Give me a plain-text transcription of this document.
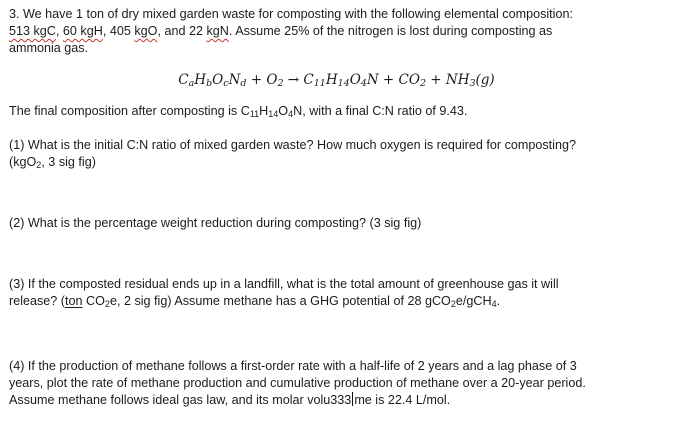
3. We have 1 ton of dry mixed garden waste for composting with the following elemental composition:
513 kgC, 60 kgH, 405 kgO, and 22 kgN. Assume 25% of the nitrogen is lost during composting as
ammonia gas.

$C_aH_bO_cN_d + O_2 \to C_{11}H_{14}O_4N + CO_2 + NH_3(g)$

The final composition after composting is $C_{11}H_{14}O_4N$, with a final C:N ratio of 9.43.

(1) What is the initial C:N ratio of mixed garden waste? How much oxygen is required for composting?
(kgO$_2$, 3 sig fig)

(2) What is the percentage weight reduction during composting? (3 sig fig)

(3) If the composted residual ends up in a landfill, what is the total amount of greenhouse gas it will
release? (ton $CO_2e$, 2 sig fig) Assume methane has a GHG potential of 28 gCO$_2$e/gCH$_4$.

(4) If the production of methane follows a first-order rate with a half-life of 2 years and a lag phase of 3
years, plot the rate of methane production and cumulative production of methane over a 20-year period.
Assume methane follows ideal gas law, and its molar volu333 me is 22.4 L/mol.
